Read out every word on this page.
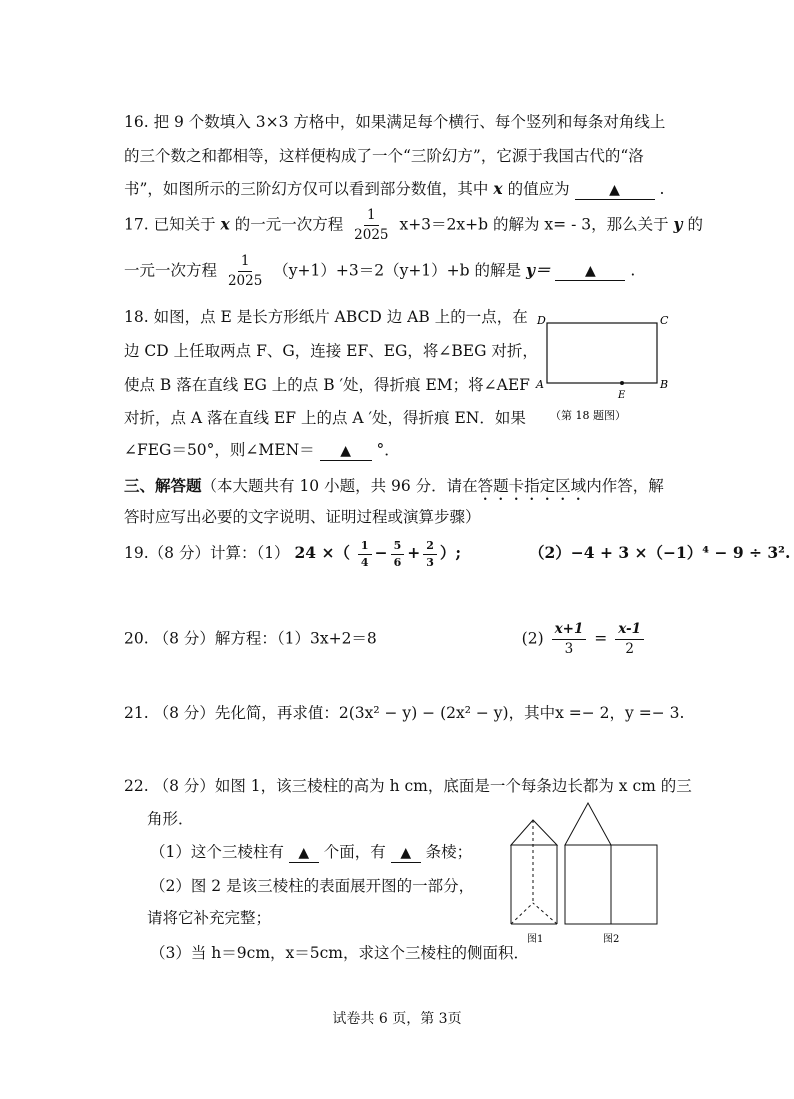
16. 把 9 个数填入 3×3 方格中，如果满足每个横行、每个竖列和每条对角线上
的三个数之和都相等，这样便构成了一个“三阶幻方”，它源于我国古代的“洛
书”，如图所示的三阶幻方仅可以看到部分数值，其中 x 的值应为	▲	.
17. 已知关于 x 的一元一次方程 $\frac{1}{2025} x+3=2x+b$ 的解为 x= - 3，那么关于 y 的
一元一次方程 $\frac{1}{2025} (y+1)+3=2(y+1)+b$ 的解是 y＝ ▲ .
18. 如图，点 E 是长方形纸片 ABCD 边 AB 上的一点，在
边 CD 上任取两点 F、G，连接 EF、EG，将∠BEG 对折，
使点 B 落在直线 EG 上的点 B ′处，得折痕 EM；将∠AEF
对折，点 A 落在直线 EF 上的点 A ′处，得折痕 EN．如果
∠FEG＝50°，则∠MEN＝ ▲ °．
D	C
A	B
E
（第 18 题图）
三、解答题（本大题共有 10 小题，共 96 分．请在答题卡指定区域内作答，解
答时应写出必要的文字说明、证明过程或演算步骤）
19.（8 分）计算：（1） 24 ×（ $\frac{1}{4} - \frac{5}{6} + \frac{2}{3}$ ）;	（2）−4 + 3 ×（−1）⁴ − 9 ÷ 3².
20. （8 分）解方程：（1）3x+2＝8	$(2) \frac{x+1}{3} = \frac{x-1}{2}$
21. （8 分）先化简，再求值：2(3x² − y) − (2x² − y)，其中x =− 2，y =− 3.
22. （8 分）如图 1，该三棱柱的高为 h cm，底面是一个每条边长都为 x cm 的三
角形．
（1）这个三棱柱有 ▲ 个面，有 ▲ 条棱；
（2）图 2 是该三棱柱的表面展开图的一部分，
请将它补充完整；
（3）当 h＝9cm，x＝5cm，求这个三棱柱的侧面积．
图1	图2
试卷共 6 页，第 3页
